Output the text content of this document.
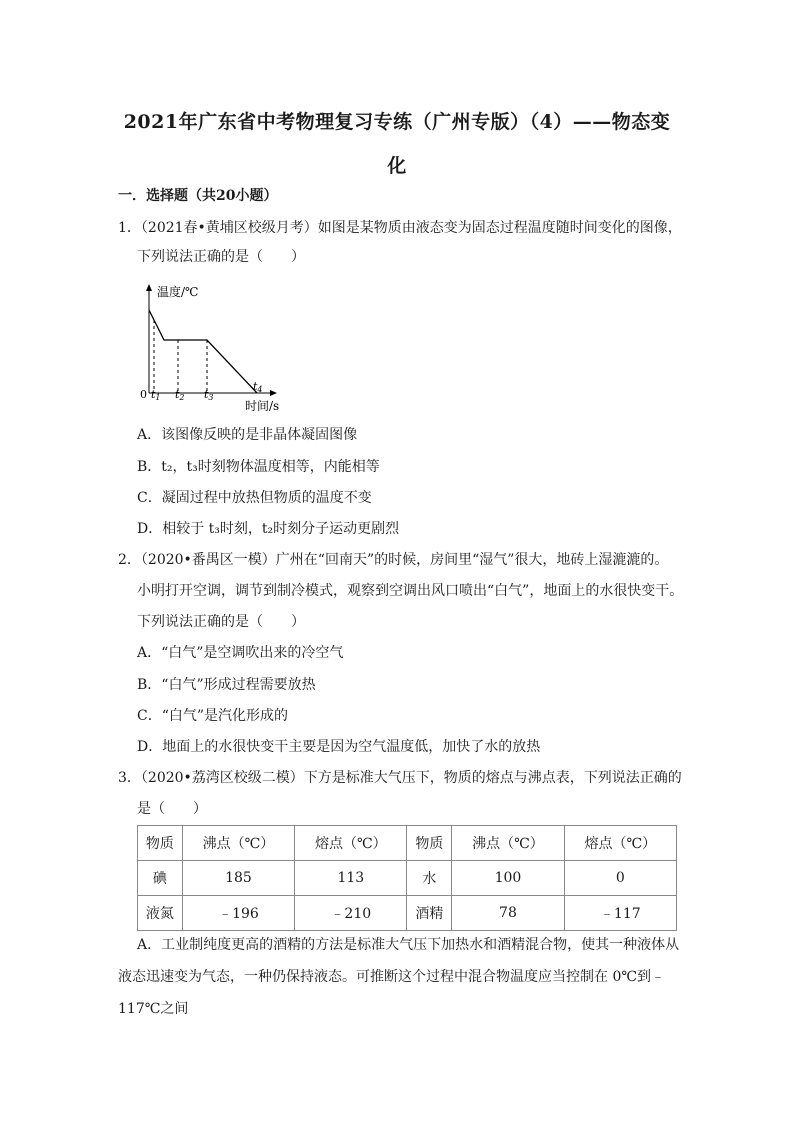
2021年广东省中考物理复习专练（广州专版）（4）——物态变
化
一．选择题（共20小题）
1．（2021春•黄埔区校级月考）如图是某物质由液态变为固态过程温度随时间变化的图像，
下列说法正确的是（　　）
温度/℃
0 t1 t2 t3
t4
时间/s
A．该图像反映的是非晶体凝固图像
B．t₂，t₃时刻物体温度相等，内能相等
C．凝固过程中放热但物质的温度不变
D．相较于 t₃时刻，t₂时刻分子运动更剧烈
2．（2020•番禺区一模）广州在“回南天”的时候，房间里“湿气”很大，地砖上湿漉漉的。
小明打开空调，调节到制冷模式，观察到空调出风口喷出“白气”，地面上的水很快变干。
下列说法正确的是（　　）
A．“白气”是空调吹出来的冷空气
B．“白气”形成过程需要放热
C．“白气”是汽化形成的
D．地面上的水很快变干主要是因为空气温度低，加快了水的放热
3．（2020•荔湾区校级二模）下方是标准大气压下，物质的熔点与沸点表，下列说法正确的
是（　　）
物质	沸点（℃）	熔点（℃）	物质	沸点（℃）	熔点（℃）
碘	185	113	水	100	0
液氮	﹣196	﹣210	酒精	78	﹣117
A．工业制纯度更高的酒精的方法是标准大气压下加热水和酒精混合物，使其一种液体从
液态迅速变为气态，一种仍保持液态。可推断这个过程中混合物温度应当控制在 0℃到﹣
117℃之间
